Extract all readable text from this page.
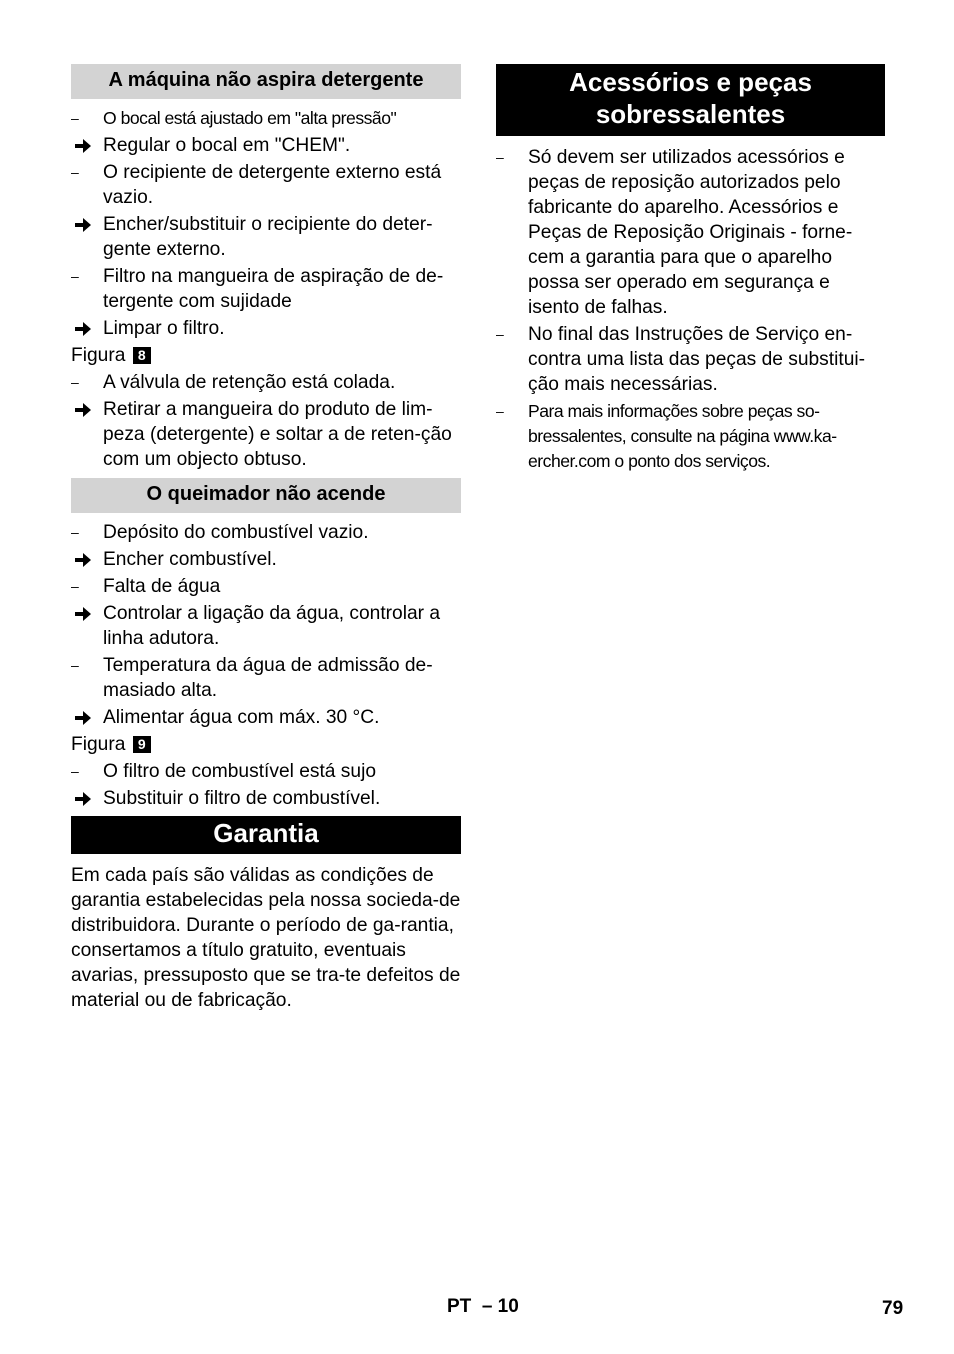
A máquina não aspira detergente
–	O bocal está ajustado em "alta pressão"
Regular o bocal em "CHEM".
–	O recipiente de detergente externo está vazio.
Encher/substituir o recipiente do deter-gente externo.
–	Filtro na mangueira de aspiração de de-tergente com sujidade
Limpar o filtro.
Figura 8
–	A válvula de retenção está colada.
Retirar a mangueira do produto de lim-peza (detergente) e soltar a de reten-ção com um objecto obtuso.
O queimador não acende
–	Depósito do combustível vazio.
Encher combustível.
–	Falta de água
Controlar a ligação da água, controlar a linha adutora.
–	Temperatura da água de admissão de-masiado alta.
Alimentar água com máx. 30 °C.
Figura 9
–	O filtro de combustível está sujo
Substituir o filtro de combustível.
Garantia

Em cada país são válidas as condições de garantia estabelecidas pela nossa socieda-de distribuidora. Durante o período de ga-rantia, consertamos a título gratuito, eventuais avarias, pressuposto que se tra-te defeitos de material ou de fabricação.

Acessórios e peças
sobressalentes
–	Só devem ser utilizados acessórios e peças de reposição autorizados pelo fabricante do aparelho. Acessórios e Peças de Reposição Originais - forne-cem a garantia para que o aparelho possa ser operado em segurança e isento de falhas.
–	No final das Instruções de Serviço en-contra uma lista das peças de substitui-ção mais necessárias.
–	Para mais informações sobre peças so-bressalentes, consulte na página www.ka-ercher.com o ponto dos serviços.
PT  – 10	79
